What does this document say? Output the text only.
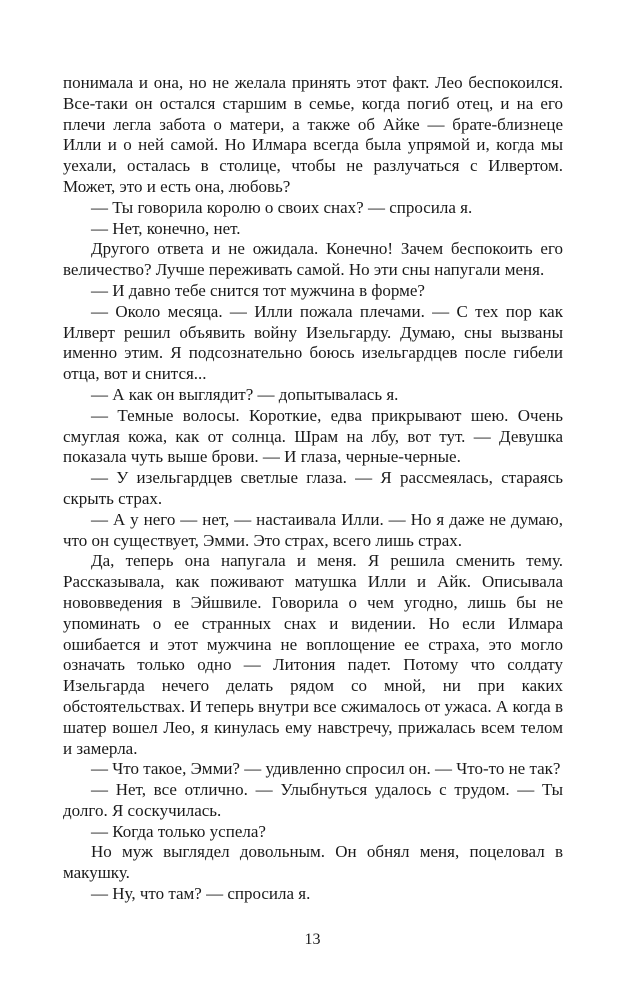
понимала и она, но не желала принять этот факт. Лео беспокоился. Все-таки он остался старшим в семье, когда погиб отец, и на его плечи легла забота о матери, а также об Айке — брате-близнеце Илли и о ней самой. Но Илмара всегда была упрямой и, когда мы уехали, осталась в столице, чтобы не разлучаться с Илвертом. Может, это и есть она, любовь?

— Ты говорила королю о своих снах? — спросила я.

— Нет, конечно, нет.

Другого ответа и не ожидала. Конечно! Зачем беспокоить его величество? Лучше переживать самой. Но эти сны напугали меня.

— И давно тебе снится тот мужчина в форме?

— Около месяца. — Илли пожала плечами. — С тех пор как Илверт решил объявить войну Изельгарду. Думаю, сны вызваны именно этим. Я подсознательно боюсь изельгардцев после гибели отца, вот и снится...

— А как он выглядит? — допытывалась я.

— Темные волосы. Короткие, едва прикрывают шею. Очень смуглая кожа, как от солнца. Шрам на лбу, вот тут. — Девушка показала чуть выше брови. — И глаза, черные-черные.

— У изельгардцев светлые глаза. — Я рассмеялась, стараясь скрыть страх.

— А у него — нет, — настаивала Илли. — Но я даже не думаю, что он существует, Эмми. Это страх, всего лишь страх.

Да, теперь она напугала и меня. Я решила сменить тему. Рассказывала, как поживают матушка Илли и Айк. Описывала нововведения в Эйшвиле. Говорила о чем угодно, лишь бы не упоминать о ее странных снах и видении. Но если Илмара ошибается и этот мужчина не воплощение ее страха, это могло означать только одно — Литония падет. Потому что солдату Изельгарда нечего делать рядом со мной, ни при каких обстоятельствах. И теперь внутри все сжималось от ужаса. А когда в шатер вошел Лео, я кинулась ему навстречу, прижалась всем телом и замерла.

— Что такое, Эмми? — удивленно спросил он. — Что-то не так?

— Нет, все отлично. — Улыбнуться удалось с трудом. — Ты долго. Я соскучилась.

— Когда только успела?

Но муж выглядел довольным. Он обнял меня, поцеловал в макушку.

— Ну, что там? — спросила я.

13
